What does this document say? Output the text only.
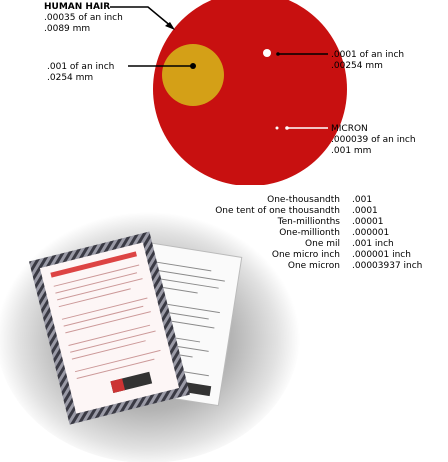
HUMAN HAIR
.00035 of an inch
.0089 mm
.001 of an inch
.0254 mm
.0001 of an inch
.00254 mm
MICRON
.000039 of an inch
.001 mm
One-thousandth	.001
One tent of one thousandth	.0001
Ten-millionths	.00001
One-millionth	.000001
One mil	.001 inch
One micro inch	.000001 inch
One micron	.00003937 inch
